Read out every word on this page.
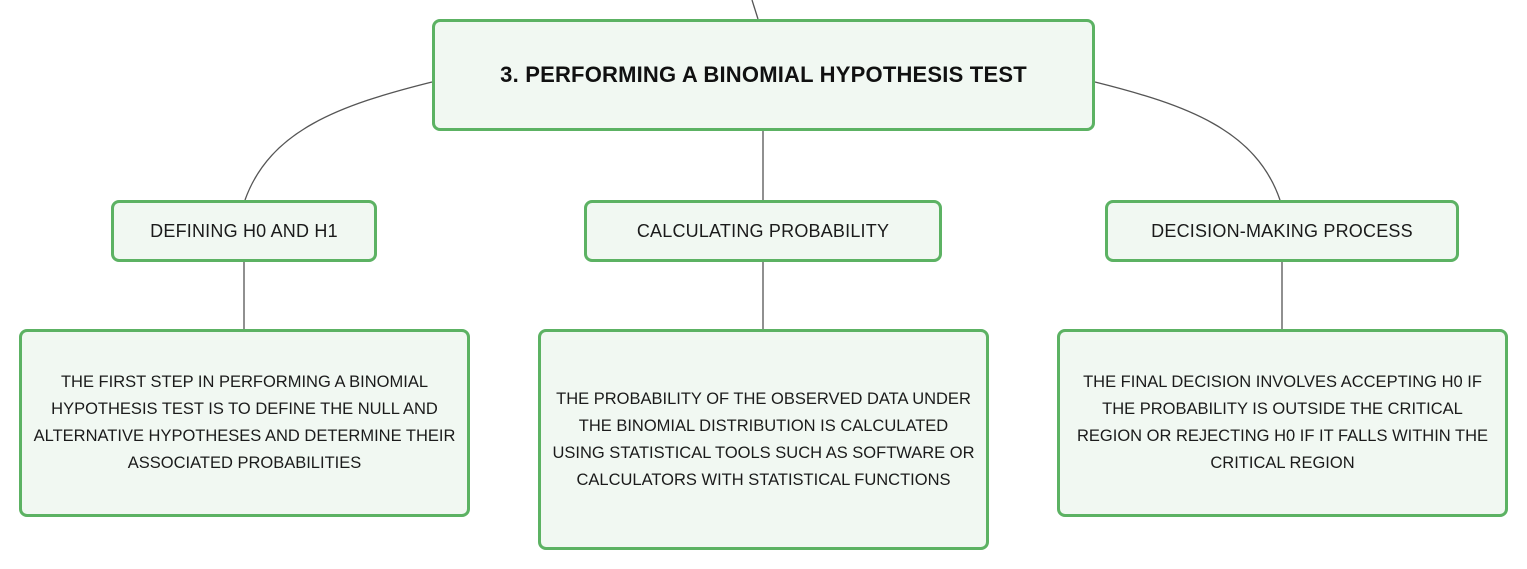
3. PERFORMING A BINOMIAL HYPOTHESIS TEST
DEFINING H0 AND H1	CALCULATING PROBABILITY	DECISION-MAKING PROCESS
THE FIRST STEP IN PERFORMING A BINOMIAL HYPOTHESIS TEST IS TO DEFINE THE NULL AND ALTERNATIVE HYPOTHESES AND DETERMINE THEIR ASSOCIATED PROBABILITIES
THE PROBABILITY OF THE OBSERVED DATA UNDER THE BINOMIAL DISTRIBUTION IS CALCULATED USING STATISTICAL TOOLS SUCH AS SOFTWARE OR CALCULATORS WITH STATISTICAL FUNCTIONS
THE FINAL DECISION INVOLVES ACCEPTING H0 IF THE PROBABILITY IS OUTSIDE THE CRITICAL REGION OR REJECTING H0 IF IT FALLS WITHIN THE CRITICAL REGION
